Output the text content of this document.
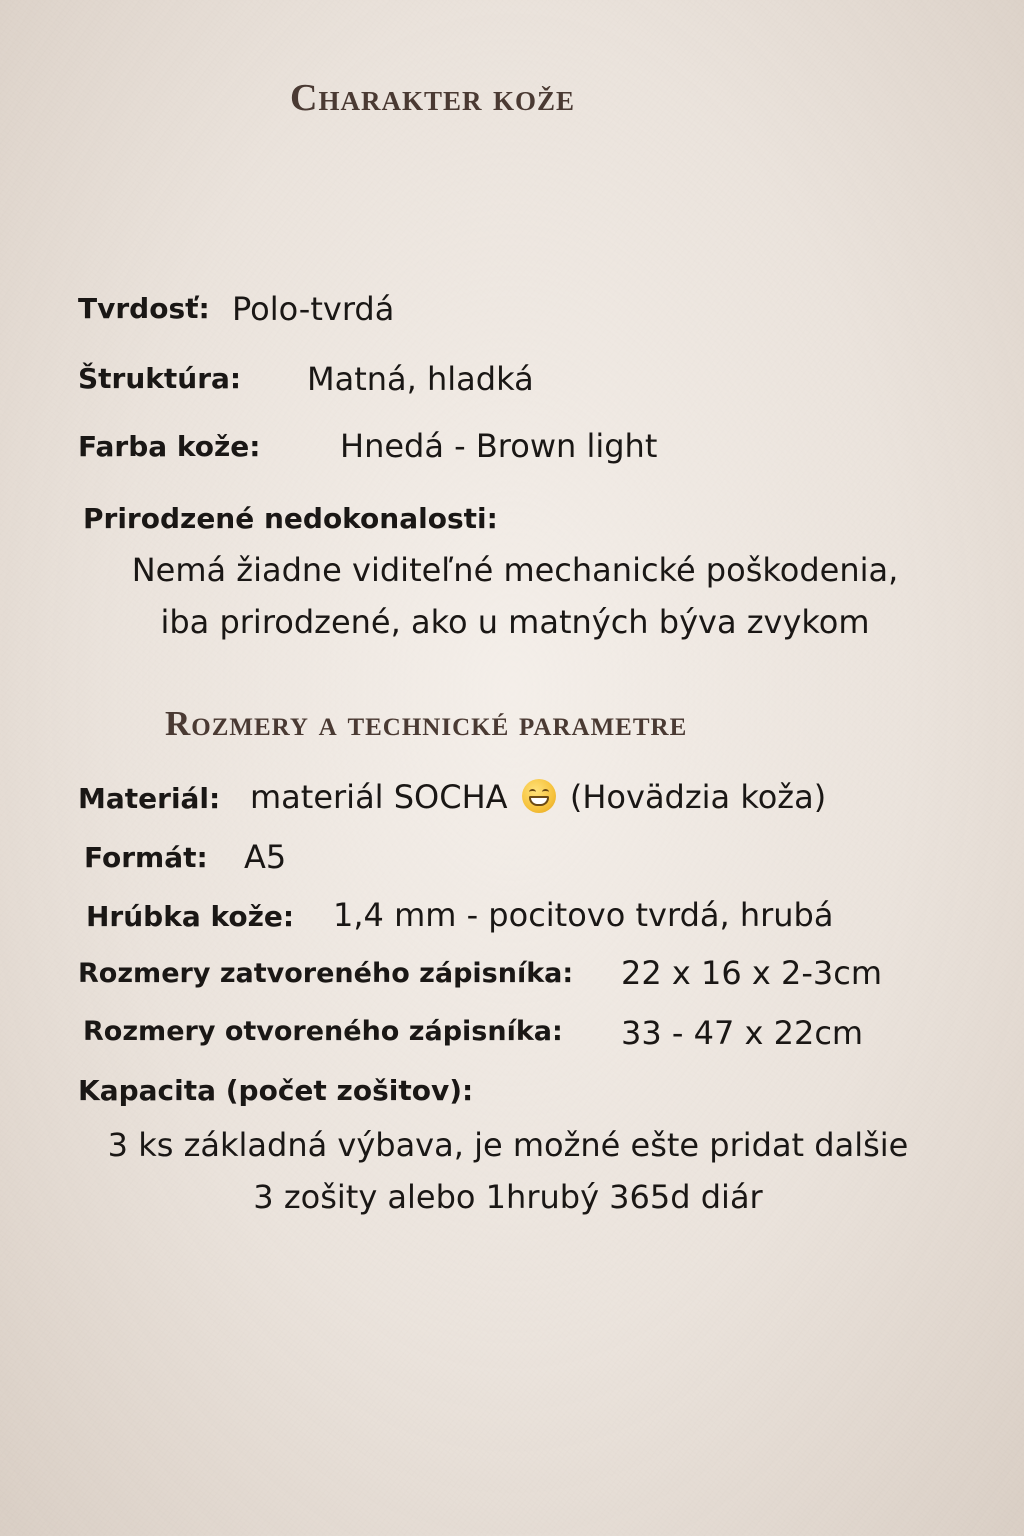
Charakter kože
Tvrdosť: Polo-tvrdá
Štruktúra: Matná, hladká
Farba kože: Hnedá - Brown light
Prirodzené nedokonalosti:
Nemá žiadne viditeľné mechanické poškodenia,
iba prirodzené, ako u matných býva zvykom
Rozmery a technické parametre
Materiál: materiál SOCHA (Hovädzia koža)
Formát: A5
Hrúbka kože: 1,4 mm - pocitovo tvrdá, hrubá
Rozmery zatvoreného zápisníka: 22 x 16 x 2-3cm
Rozmery otvoreného zápisníka: 33 - 47 x 22cm
Kapacita (počet zošitov):
3 ks základná výbava, je možné ešte pridat dalšie
3 zošity alebo 1hrubý 365d diár
